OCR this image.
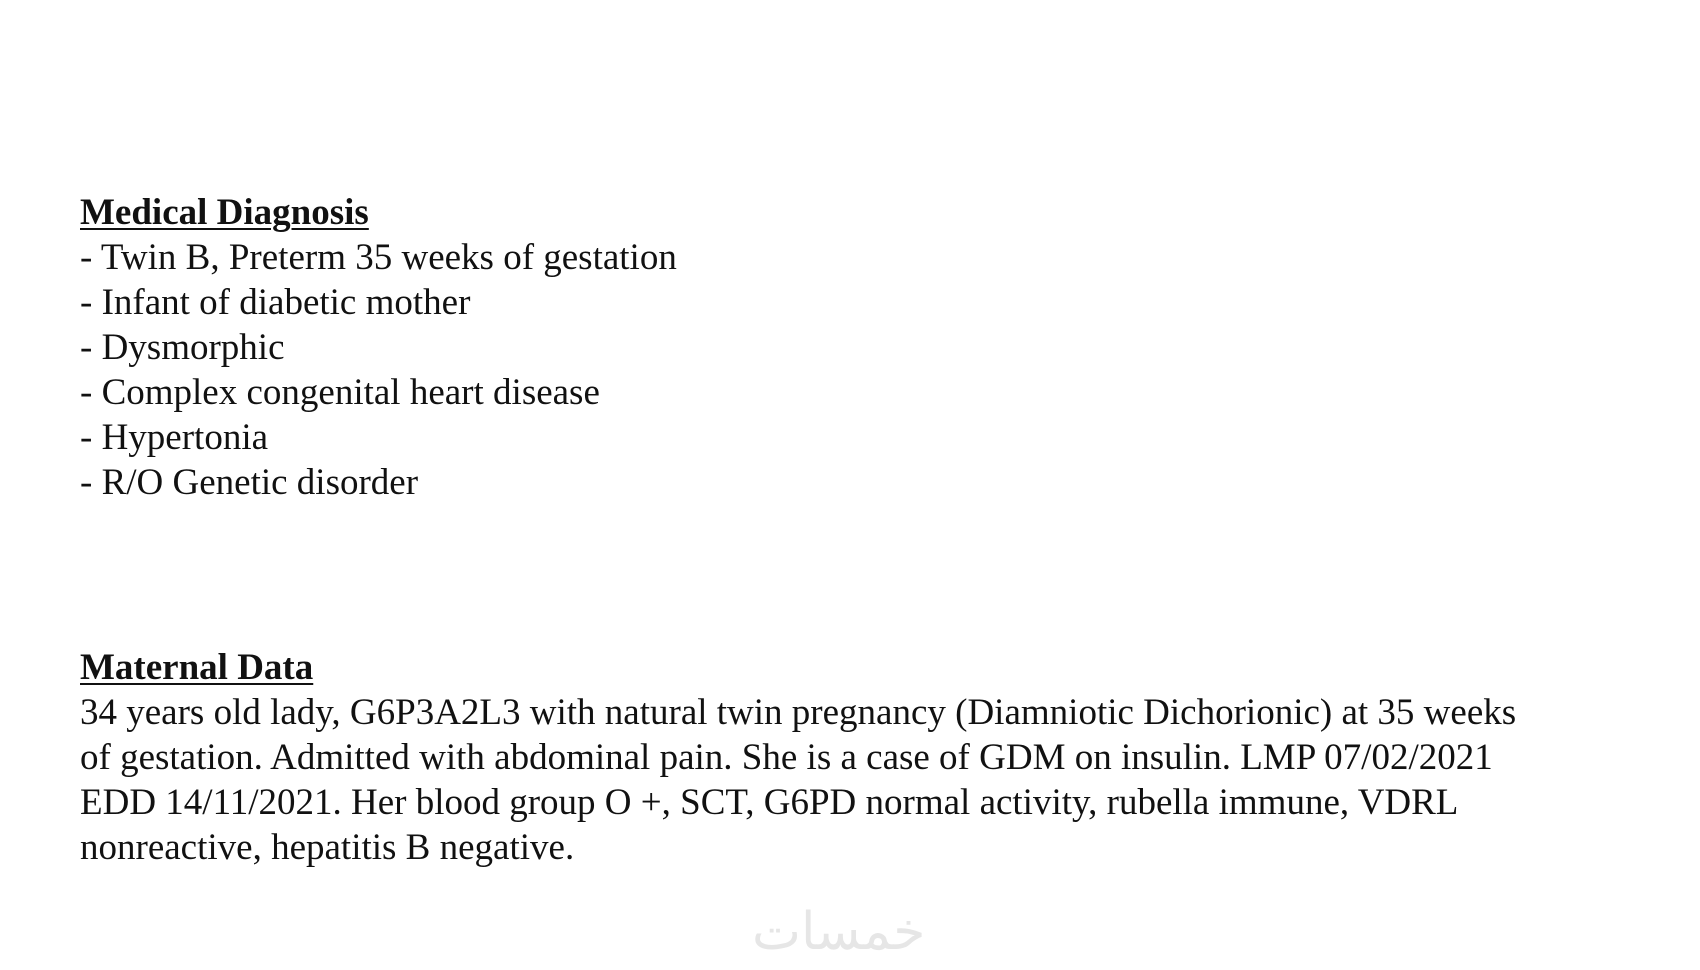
Medical Diagnosis
- Twin B, Preterm 35 weeks of gestation
- Infant of diabetic mother
- Dysmorphic
- Complex congenital heart disease
- Hypertonia
- R/O Genetic disorder
Maternal Data

34 years old lady, G6P3A2L3 with natural twin pregnancy (Diamniotic Dichorionic) at 35 weeks

of gestation. Admitted with abdominal pain. She is a case of GDM on insulin. LMP 07/02/2021

EDD 14/11/2021. Her blood group O +, SCT, G6PD normal activity, rubella immune, VDRL

nonreactive, hepatitis B negative.

خمسات
